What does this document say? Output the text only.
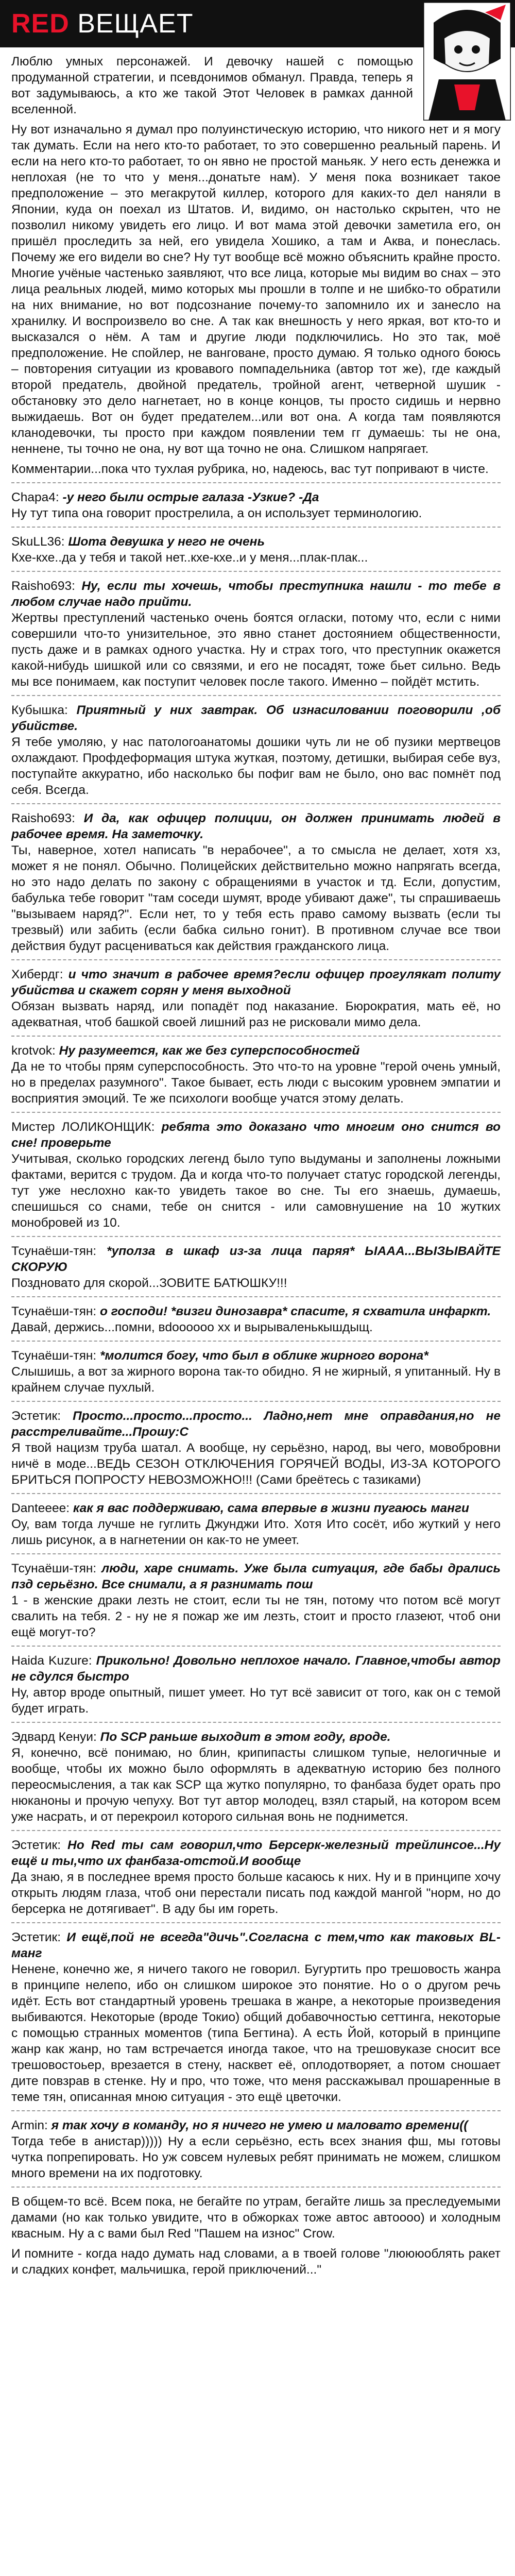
RED ВЕЩАЕТ

Люблю умных персонажей. И девочку нашей с помощью продуманной стратегии, и псевдонимов обманул. Правда, теперь я вот задумываюсь, а кто же такой Этот Человек в рамках данной вселенной.

Ну вот изначально я думал про полуинстическую историю, что никого нет и я могу так думать. Если на него кто-то работает, то это совершенно реальный парень. И если на него кто-то работает, то он явно не простой маньяк. У него есть денежка и неплохая (не то что у меня...донатьте нам). У меня пока возникает такое предположение – это мегакрутой киллер, которого для каких-то дел наняли в Японии, куда он поехал из Штатов. И, видимо, он настолько скрытен, что не позволил никому увидеть его лицо. И вот мама этой девочки заметила его, он пришёл проследить за ней, его увидела Хошико, а там и Аква, и понеслась. Почему же его видели во сне? Ну тут вообще всё можно объяснить крайне просто. Многие учёные частенько заявляют, что все лица, которые мы видим во снах – это лица реальных людей, мимо которых мы прошли в толпе и не шибко-то обратили на них внимание, но вот подсознание почему-то запомнило их и занесло на хранилку. И воспроизвело во сне. А так как внешность у него яркая, вот кто-то и высказался о нём. А там и другие люди подключились. Но это так, моё предположение. Не спойлер, не ванговане, просто думаю. Я только одного боюсь – повторения ситуации из кровавого помпадельника (автор тот же), где каждый второй предатель, двойной предатель, тройной агент, четверной шушик - обстановку это дело нагнетает, но в конце концов, ты просто сидишь и нервно выжидаешь. Вот он будет предателем...или вот она. А когда там появляются кланодевочки, ты просто при каждом появлении тем гг думаешь: ты не она, неннене, ты точно не она, ну вот ща точно не она. Слишком напрягает.

Комментарии...пока что тухлая рубрика, но, надеюсь, вас тут попривают в чисте.

Chapa4: -у него были острые галаза -Узкие? -Да

Ну тут типа она говорит прострелила, а он использует терминологию.

SkuLL36: Шота девушка у него не очень

Кхе-кхе..да у тебя и такой нет..кхе-кхе..и у меня...плак-плак...

Raisho693: Ну, если ты хочешь, чтобы преступника нашли - то тебе в любом случае надо прийти.

Жертвы преступлений частенько очень боятся огласки, потому что, если с ними совершили что-то унизительное, это явно станет достоянием общественности, пусть даже и в рамках одного участка. Ну и страх того, что преступник окажется какой-нибудь шишкой или со связями, и его не посадят, тоже бьет сильно. Ведь мы все понимаем, как поступит человек после такого. Именно – пойдёт мстить.

Кубышка: Приятный у них завтрак. Об изнасиловании поговорили ,об убийстве.

Я тебе умоляю, у нас патологоанатомы дошики чуть ли не об пузики мертвецов охлаждают. Профдеформация штука жуткая, поэтому, детишки, выбирая себе вуз, поступайте аккуратно, ибо насколько бы пофиг вам не было, оно вас помнёт под себя. Всегда.

Raisho693: И да, как офицер полиции, он должен принимать людей в рабочее время. На заметочку.

Ты, наверное, хотел написать "в нерабочее", а то смысла не делает, хотя хз, может я не понял. Обычно. Полицейских действительно можно напрягать всегда, но это надо делать по закону с обращениями в участок и тд. Если, допустим, бабулька тебе говорит "там соседи шумят, вроде убивают даже", ты спрашиваешь "вызываем наряд?". Если нет, то у тебя есть право самому вызвать (если ты трезвый) или забить (если бабка сильно гонит). В противном случае все твои действия будут расцениваться как действия гражданского лица.

Хибердг: и что значит в рабочее время?если офицер прогулякат политу убийства и скажет сорян у меня выходной

Обязан вызвать наряд, или попадёт под наказание. Бюрократия, мать её, но адекватная, чтоб башкой своей лишний раз не рисковали мимо дела.

krotvok: Ну разумеется, как же без суперспособностей

Да не то чтобы прям суперспособность. Это что-то на уровне "герой очень умный, но в пределах разумного". Такое бывает, есть люди с высоким уровнем эмпатии и восприятия эмоций. Те же психологи вообще учатся этому делать.

Мистер ЛОЛИКОНЩИК: ребята это доказано что многим оно снится во сне! проверьте

Учитывая, сколько городских легенд было тупо выдуманы и заполнены ложными фактами, верится с трудом. Да и когда что-то получает статус городской легенды, тут уже неслохно как-то увидеть такое во сне. Ты его знаешь, думаешь, спешишься со снами, тебе он снится - или самовнушение на 10 жутких монобровей из 10.

Тсунаёши-тян: *уполза в шкаф из-за лица паряя* ЫААА...ВЫЗЫВАЙТЕ СКОРУЮ

Поздновато для скорой...ЗОВИТЕ БАТЮШКУ!!!

Тсунаёши-тян: о господи! *визги динозавра* спасите, я схватила инфаркт.

Давай, держись...помни, вdoooooo xx и вырываленькышдыщ.

Тсунаёши-тян: *молится богу, что был в облике жирного ворона*

Слышишь, а вот за жирного ворона так-то обидно. Я не жирный, я упитанный. Ну в крайнем случае пухлый.

Эстетик: Просто...просто...просто... Ладно,нет мне оправдания,но не расстреливайте...Прошу:С

Я твой нацизм труба шатал. А вообще, ну серьёзно, народ, вы чего, мовобровни ничё в моде...ВЕДЬ СЕЗОН ОТКЛЮЧЕНИЯ ГОРЯЧЕЙ ВОДЫ, ИЗ-ЗА КОТОРОГО БРИТЬСЯ ПОПРОСТУ НЕВОЗМОЖНО!!! (Сами бреётесь с тазиками)

Danteeee: как я вас поддерживаю, сама впервые в жизни пугаюсь манги

Оу, вам тогда лучше не гуглить Джунджи Ито. Хотя Ито сосёт, ибо жуткий у него лишь рисунок, а в нагнетении он как-то не умеет.

Тсунаёши-тян: люди, харе снимать. Уже была ситуация, где бабы дрались пзд серьёзно. Все снимали, а я разнимать пош

1 - в женские драки лезть не стоит, если ты не тян, потому что потом всё могут свалить на тебя. 2 - ну не я пожар же им лезть, стоит и просто глазеют, чтоб они ещё могут-то?

Haida Kuzure: Прикольно! Довольно неплохое начало. Главное,чтобы автор не сдулся быстро

Ну, автор вроде опытный, пишет умеет. Но тут всё зависит от того, как он с темой будет играть.

Эдвард Кенуи: По SCP раньше выходит в этом году, вроде.

Я, конечно, всё понимаю, но блин, крипипасты слишком тупые, нелогичные и вообще, чтобы их можно было оформлять в адекватную историю без полного переосмысления, а так как SCP ща жутко популярно, то фанбаза будет орать про нюканоны и прочую чепуху. Вот тут автор молодец, взял старый, на котором всем уже насрать, и от перекроил которого сильная вонь не поднимется.

Эстетик: Но Red ты сам говорил,что Берсерк-железный трейлинсое...Ну ещё и ты,что их фанбаза-отстой.И вообще

Да знаю, я в последнее время просто больше касаюсь к них. Ну и в принципе хочу открыть людям глаза, чтоб они перестали писать под каждой мангой "норм, но до берсерка не дотягивает". В аду бы им гореть.

Эстетик: И ещё,пой не всегда"дичь".Согласна с тем,что как таковых BL-манг

Ненене, конечно же, я ничего такого не говорил. Бугуртить про трешовость жанра в принципе нелепо, ибо он слишком широкое это понятие. Но о о другом речь идёт. Есть вот стандартный уровень трешака в жанре, а некоторые произведения выбиваются. Некоторые (вроде Токио) общий добавочностью сеттинга, некоторые с помощью странных моментов (типа Бегтина). А есть Йой, который в принципе жанр как жанр, но там встречается иногда такое, что на трешовуказе сносит все трешовостоьер, врезается в стену, насквет её, оплодотворяет, а потом сношает дите повзрав в стенке. Ну и про, что тоже, что меня расскажывал прошаренные в теме тян, описанная мною ситуация - это ещё цветочки.

Armin: я так хочу в команду, но я ничего не умею и маловато времени((

Тогда тебе в анистар))))) Ну а если серьёзно, есть всех знания фш, мы готовы чутка попрепировать. Но уж совсем нулевых ребят принимать не можем, слишком много времени на их подготовку.

В общем-то всё. Всем пока, не бегайте по утрам, бегайте лишь за преследуемыми дамами (но как только увидите, что в обжорках тоже автос автоооо) и холодным квасным. Ну а с вами был Red "Пашем на износ" Crow.

И помните - когда надо думать над словами, а в твоей голове "люююоблять ракет и сладких конфет, мальчишка, герой приключений..."
